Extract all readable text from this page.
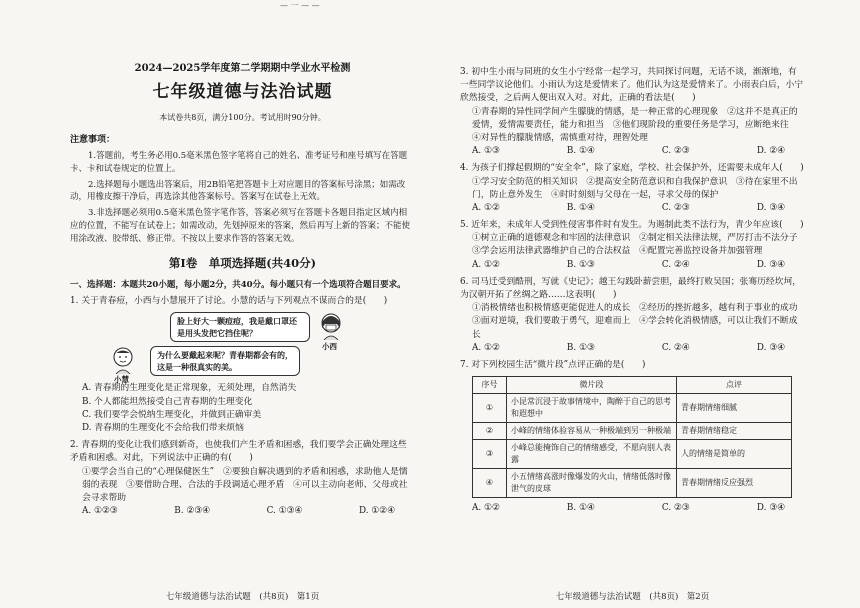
— 一 — —
2024—2025学年度第二学期期中学业水平检测
七年级道德与法治试题
本试卷共8页，满分100分。考试用时90分钟。
注意事项：

1.答题前，考生务必用0.5毫米黑色签字笔将自己的姓名、准考证号和座号填写在答题卡、卡和试卷规定的位置上。

2.选择题每小题选出答案后，用2B铅笔把答题卡上对应题目的答案标号涂黑；如需改动，用橡皮擦干净后，再选涂其他答案标号。答案写在试卷上无效。

3.非选择题必须用0.5毫米黑色签字笔作答，答案必须写在答题卡各题目指定区域内相应的位置，不能写在试卷上；如需改动，先划掉原来的答案，然后再写上新的答案；不能使用涂改液、胶带纸、修正带。不按以上要求作答的答案无效。

第Ⅰ卷　单项选择题(共40分)
一、选择题：本题共20小题，每小题2分，共40分。每小题只有一个选项符合题目要求。
1. 关于青春痘，小西与小慧展开了讨论。小慧的话与下列观点不谋而合的是(　　)
脸上好大一颗痘痘，我是戴口罩还是用头发把它挡住呢？
小西
小慧
为什么要戴起来呢？青春期都会有的，这是一种很真实的美。
A. 青春期的生理变化是正常现象，无须处理，自然消失
B. 个人都能坦然接受自己青春期的生理变化
C. 我们要学会悦纳生理变化，并做到正确审美
D. 青春期的生理变化不会给我们带来烦恼
2. 青春期的变化让我们感到新奇，也使我们产生矛盾和困惑，我们要学会正确处理这些矛盾和困惑。对此，下列说法中正确的有(　　)
①要学会当自己的“心理保健医生”　②要独自解决遇到的矛盾和困惑，求助他人是懦弱的表现　③要借助合理、合法的手段调适心理矛盾　④可以主动向老师、父母或社会寻求帮助
A. ①②③	B. ②③④	C. ①③④	D. ①②④
七年级道德与法治试题　(共8页)　第1页
3. 初中生小雨与同班的女生小宁经常一起学习，共同探讨问题，无话不谈，渐渐地，有一些同学议论他们。小雨认为这是爱情来了。他们认为这是爱情来了。小雨表白后，小宁欣然接受，之后两人便出双入对。对此，正确的看法是(　　)
①青春期的异性同学间产生朦胧的情感，是一种正常的心理现象　②这并不是真正的爱情，爱情需要责任，能力和担当　③他们现阶段的重要任务是学习，应断绝来往　④对异性的朦胧情感，需慎重对待，理智处理
A. ①③	B. ①④	C. ②③	D. ②④
4. 为孩子们撑起假期的“安全伞”，除了家庭，学校、社会保护外，还需要未成年人(　　)
①学习安全防范的相关知识　②提高安全防范意识和自我保护意识　③待在家里不出门，防止意外发生　④时时刻刻与父母在一起，寻求父母的保护
A. ①②	B. ①④	C. ②③	D. ③④
5. 近年来，未成年人受到性侵害事件时有发生。为遏制此类不法行为，青少年应该(　　)
①树立正确的道德观念和牢固的法律意识　②制定相关法律法规，严厉打击不法分子　③学会运用法律武器维护自己的合法权益　④配置完善监控设备并加强管理
A. ①②	B. ①③	C. ②④	D. ③④
6. 司马迁受到酷刑，写就《史记》；越王勾践卧薪尝胆，最终打败吴国；张骞历经坎坷，为汉朝开拓了丝绸之路……这表明(　　)
①消极情绪也积极情感更能促进人的成长　②经历的挫折越多，越有利于事业的成功　③面对逆境，我们要敢于勇气，迎难而上　④学会转化消极情感，可以让我们不断成长
A. ①②	B. ①③	C. ②④	D. ③④
7. 对下列校园生活“微片段”点评正确的是(　　)
序号	微片段	点评
①	小昆常沉浸于故事情境中，陶醉于自己的思考和遐想中	青春期情绪细腻
②	小峰的情绪体验容易从一种极端到另一种极端	青春期情绪稳定
③	小峰总能掩饰自己的情绪感受，不愿向别人表露	人的情绪是简单的
④	小五情绪高涨时像爆发的火山，情绪低落时像泄气的皮球	青春期情绪反应强烈
A. ①②	B. ①④	C. ②③	D. ③④
七年级道德与法治试题　(共8页)　第2页
